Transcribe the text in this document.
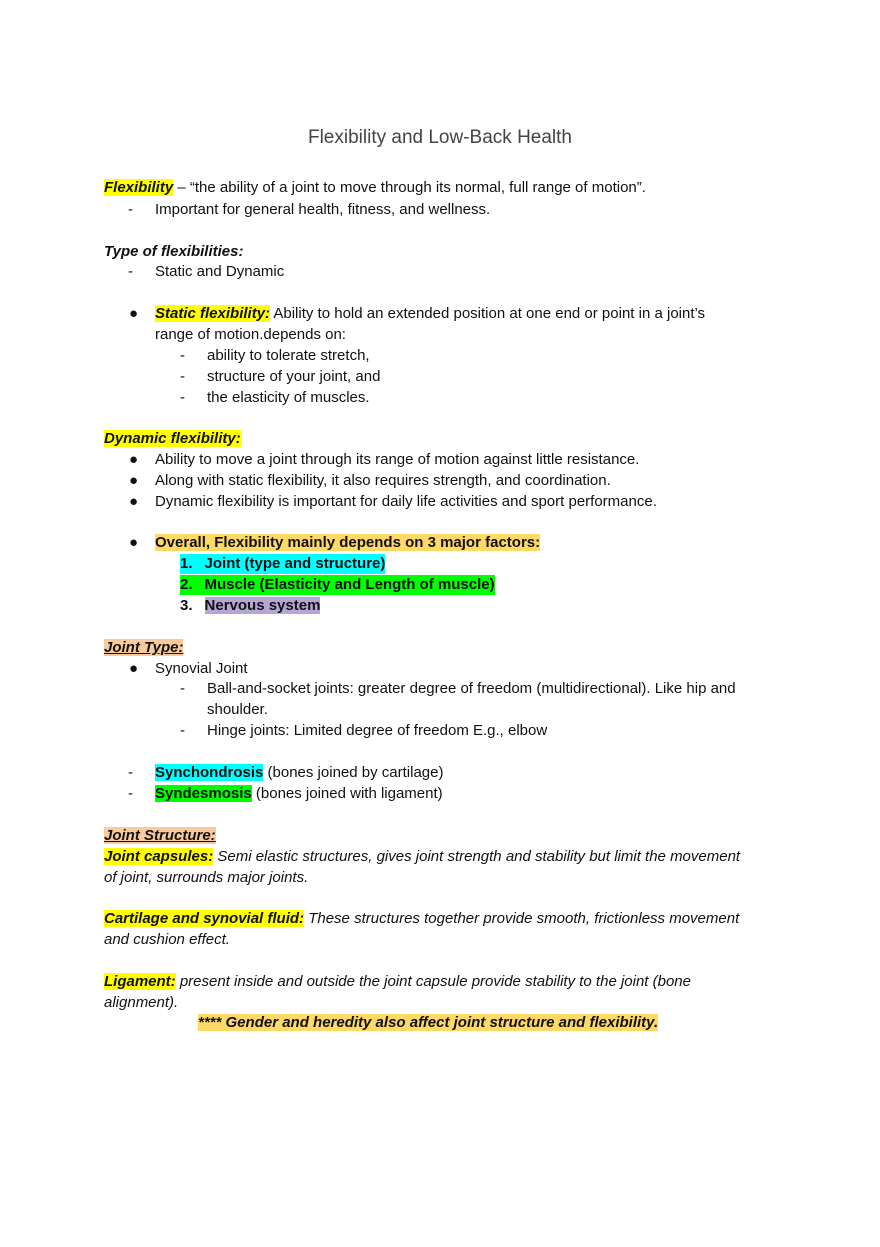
Flexibility and Low-Back Health
Flexibility – “the ability of a joint to move through its normal, full range of motion”.
- Important for general health, fitness, and wellness.
Type of flexibilities:
- Static and Dynamic
● Static flexibility: Ability to hold an extended position at one end or point in a joint’s
range of motion.depends on:
- ability to tolerate stretch,
- structure of your joint, and
- the elasticity of muscles.
Dynamic flexibility:
● Ability to move a joint through its range of motion against little resistance.
● Along with static flexibility, it also requires strength, and coordination.
● Dynamic flexibility is important for daily life activities and sport performance.
● Overall, Flexibility mainly depends on 3 major factors:
1. Joint (type and structure)
2. Muscle (Elasticity and Length of muscle)
3. Nervous system
Joint Type:
● Synovial Joint
- Ball-and-socket joints: greater degree of freedom (multidirectional). Like hip and
shoulder.
- Hinge joints: Limited degree of freedom E.g., elbow
- Synchondrosis (bones joined by cartilage)
- Syndesmosis (bones joined with ligament)
Joint Structure:
Joint capsules: Semi elastic structures, gives joint strength and stability but limit the movement
of joint, surrounds major joints.
Cartilage and synovial fluid: These structures together provide smooth, frictionless movement
and cushion effect.
Ligament: present inside and outside the joint capsule provide stability to the joint (bone
alignment).
**** Gender and heredity also affect joint structure and flexibility.
